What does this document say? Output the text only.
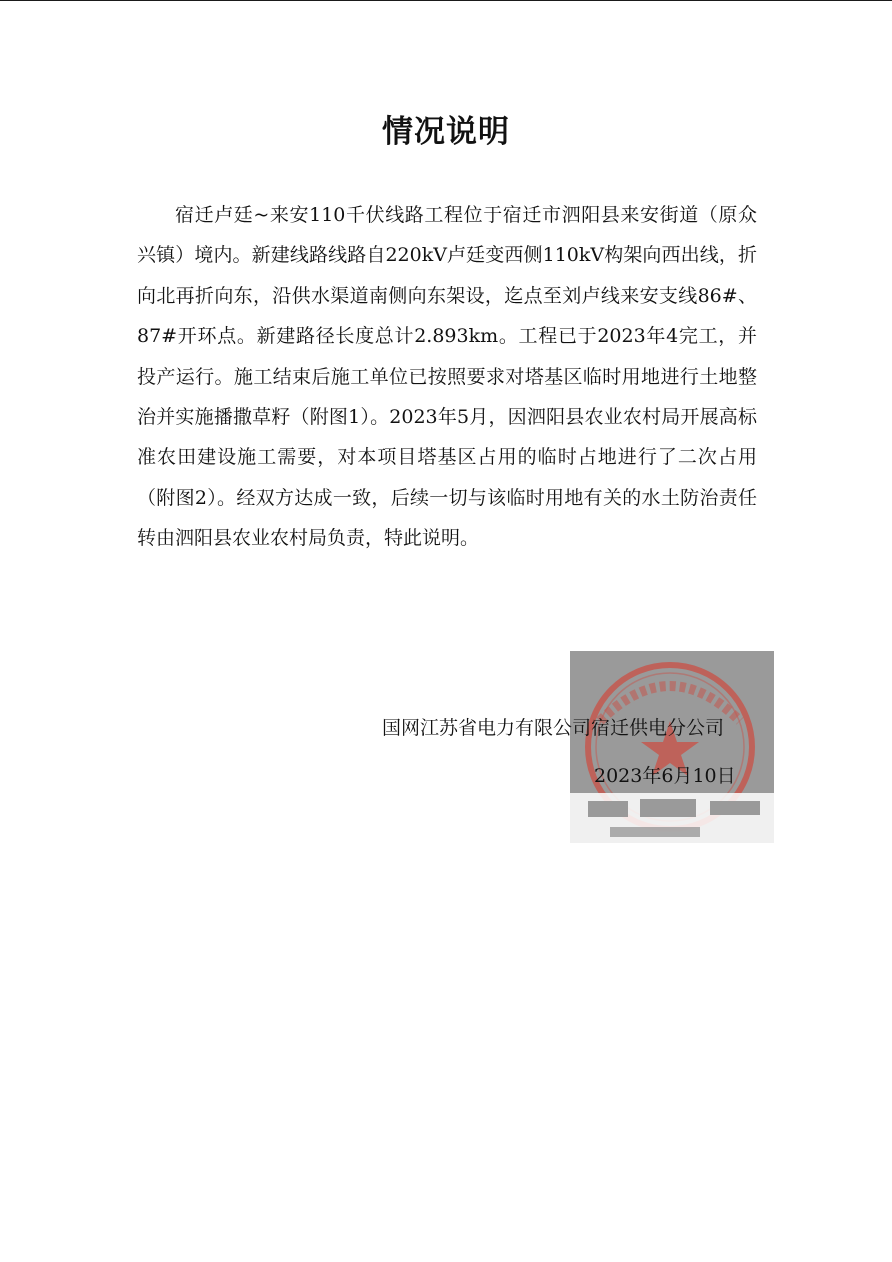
情况说明

宿迁卢廷~来安110千伏线路工程位于宿迁市泗阳县来安街道（原众兴镇）境内。新建线路线路自220kV卢廷变西侧110kV构架向西出线，折向北再折向东，沿供水渠道南侧向东架设，迄点至刘卢线来安支线86#、87#开环点。新建路径长度总计2.893km。工程已于2023年4完工，并投产运行。施工结束后施工单位已按照要求对塔基区临时用地进行土地整治并实施播撒草籽（附图1）。2023年5月，因泗阳县农业农村局开展高标准农田建设施工需要，对本项目塔基区占用的临时占地进行了二次占用（附图2）。经双方达成一致，后续一切与该临时用地有关的水土防治责任转由泗阳县农业农村局负责，特此说明。

国网江苏省电力有限公司宿迁供电分公司
2023年6月10日
